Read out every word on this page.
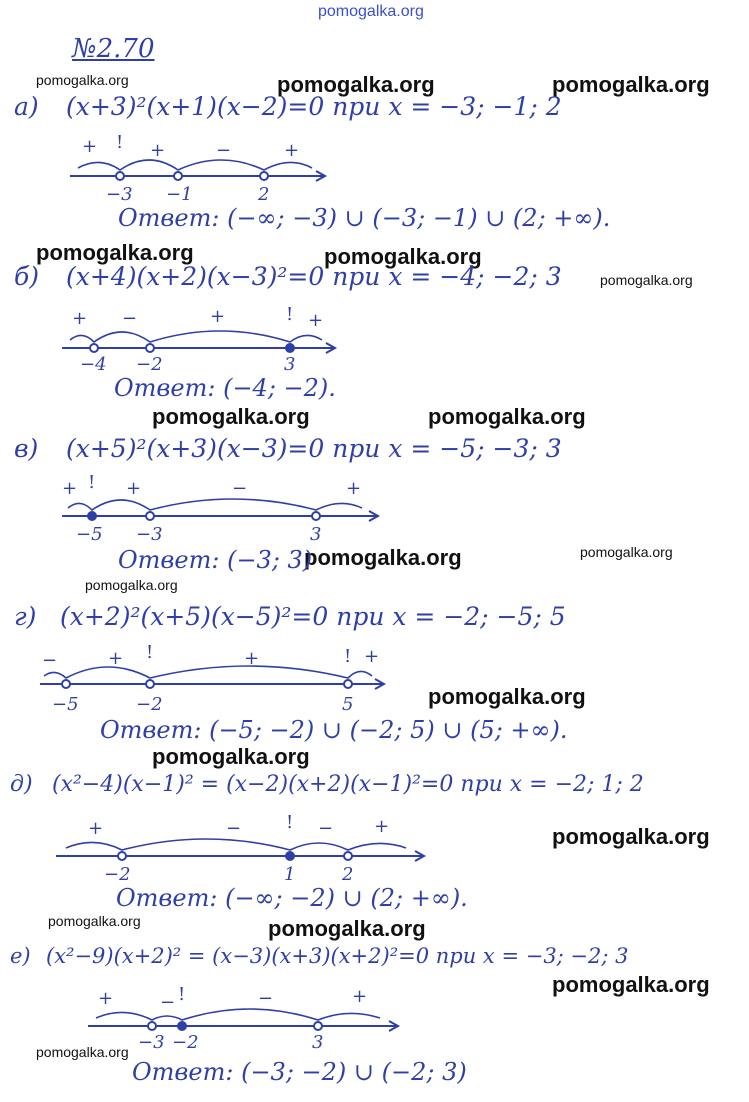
pomogalka.org
№2.70
pomogalka.org	pomogalka.org	pomogalka.org
pomogalka.org	pomogalka.org
pomogalka.org
pomogalka.org	pomogalka.org
pomogalka.org	pomogalka.org
pomogalka.org
pomogalka.org
pomogalka.org
pomogalka.org
pomogalka.org	pomogalka.org
pomogalka.org
pomogalka.org
а) (x+3)²(x+1)(x−2)=0 при x = −3; −1; 2
−3 −1	2
+ ! +	−	+
Ответ: (−∞; −3) ∪ (−3; −1) ∪ (2; +∞).
б) (x+4)(x+2)(x−3)²=0 при x = −4; −2; 3
−4 −2	3
+ −	+	! +
Ответ: (−4; −2).
в) (x+5)²(x+3)(x−3)=0 при x = −5; −3; 3
−5 −3	3
+ ! +	−	+
Ответ: (−3; 3)
г) (x+2)²(x+5)(x−5)²=0 при x = −2; −5; 5
−5	−2	5
−	+ !	+	! +
Ответ: (−5; −2) ∪ (−2; 5) ∪ (5; +∞).
д) (x²−4)(x−1)² = (x−2)(x+2)(x−1)²=0 при x = −2; 1; 2
−2	1	2
+	− ! − +
Ответ: (−∞; −2) ∪ (2; +∞).
е) (x²−9)(x+2)² = (x−3)(x+3)(x+2)²=0 при x = −3; −2; 3
−3 −2	3
+	− !	−	+
Ответ: (−3; −2) ∪ (−2; 3)
